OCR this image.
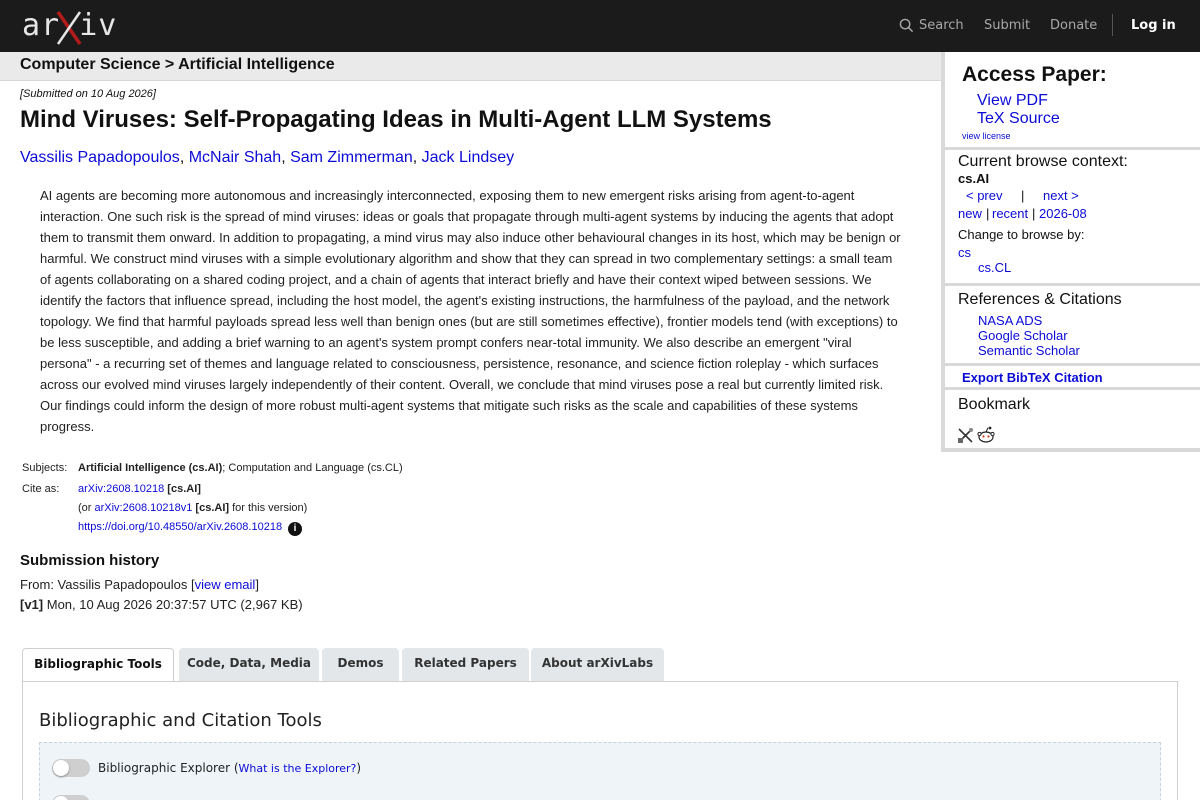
ar iv	Search Submit Donate	Log in
Computer Science > Artificial Intelligence
[Submitted on 10 Aug 2026]
Mind Viruses: Self-Propagating Ideas in Multi-Agent LLM Systems
Vassilis Papadopoulos, McNair Shah, Sam Zimmerman, Jack Lindsey
AI agents are becoming more autonomous and increasingly interconnected, exposing them to new emergent risks arising from agent-to-agent interaction. One such risk is the spread of mind viruses: ideas or goals that propagate through multi-agent systems by inducing the agents that adopt them to transmit them onward. In addition to propagating, a mind virus may also induce other behavioural changes in its host, which may be benign or harmful. We construct mind viruses with a simple evolutionary algorithm and show that they can spread in two complementary settings: a small team of agents collaborating on a shared coding project, and a chain of agents that interact briefly and have their context wiped between sessions. We identify the factors that influence spread, including the host model, the agent's existing instructions, the harmfulness of the payload, and the network topology. We find that harmful payloads spread less well than benign ones (but are still sometimes effective), frontier models tend (with exceptions) to be less susceptible, and adding a brief warning to an agent's system prompt confers near-total immunity. We also describe an emergent "viral persona" - a recurring set of themes and language related to consciousness, persistence, resonance, and science fiction roleplay - which surfaces across our evolved mind viruses largely independently of their content. Overall, we conclude that mind viruses pose a real but currently limited risk. Our findings could inform the design of more robust multi-agent systems that mitigate such risks as the scale and capabilities of these systems progress.
Subjects: Artificial Intelligence (cs.AI); Computation and Language (cs.CL)
Cite as: arXiv:2608.10218 [cs.AI]
(or arXiv:2608.10218v1 [cs.AI] for this version)
https://doi.org/10.48550/arXiv.2608.10218 i
Submission history
From: Vassilis Papadopoulos [view email]
[v1] Mon, 10 Aug 2026 20:37:57 UTC (2,967 KB)
Bibliographic Tools	Code, Data, Media	Demos	Related Papers	About arXivLabs
Bibliographic and Citation Tools
Bibliographic Explorer (What is the Explorer?)
Access Paper:
View PDF
TeX Source
view license
Current browse context:
cs.AI
< prev | next >
new | recent | 2026-08
Change to browse by:
cs
cs.CL
References & Citations
NASA ADS
Google Scholar
Semantic Scholar
Export BibTeX Citation
Bookmark
